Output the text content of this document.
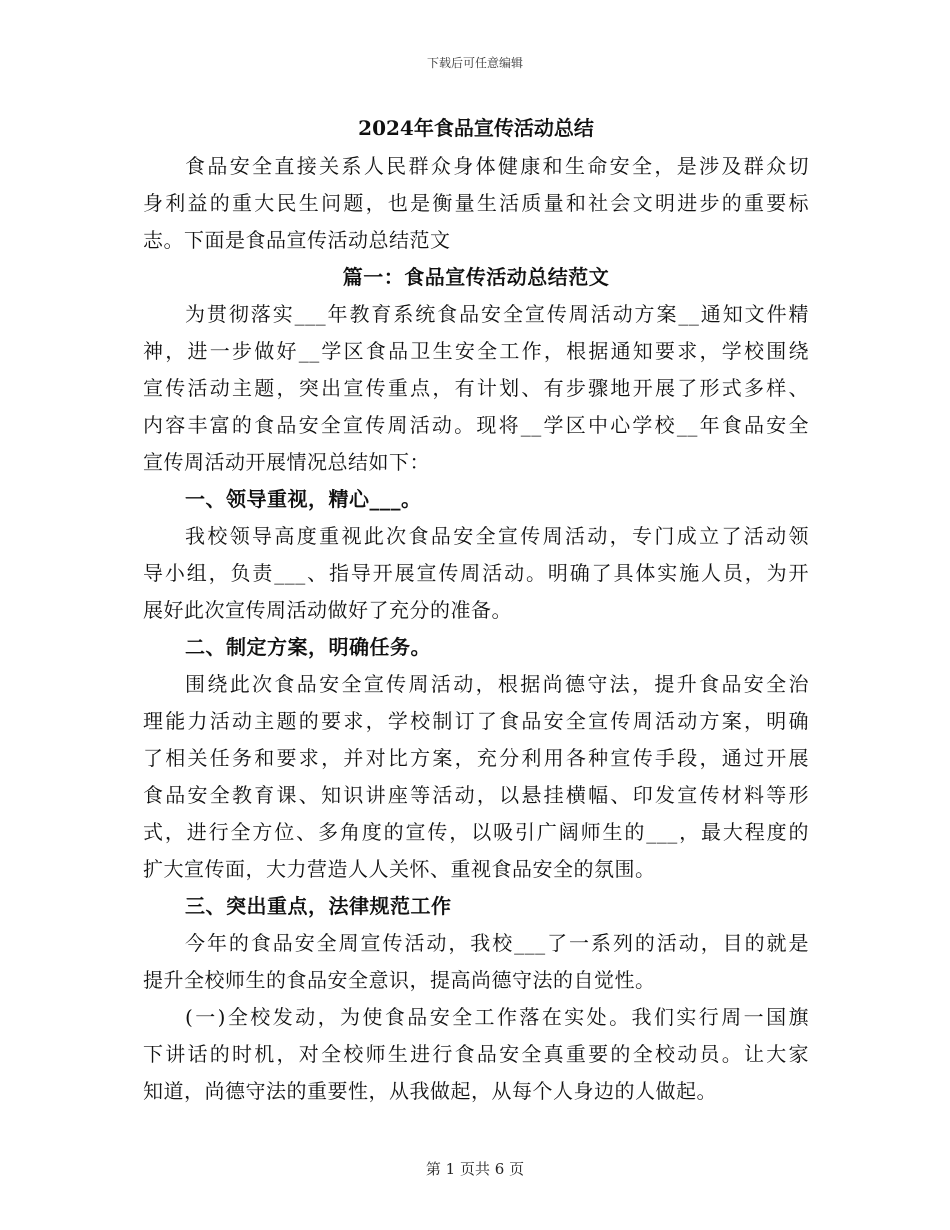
下载后可任意编辑
2024年食品宣传活动总结
食品安全直接关系人民群众身体健康和生命安全，是涉及群众切
身利益的重大民生问题，也是衡量生活质量和社会文明进步的重要标
志。下面是食品宣传活动总结范文
篇一：食品宣传活动总结范文
为贯彻落实___年教育系统食品安全宣传周活动方案__通知文件精
神，进一步做好__学区食品卫生安全工作，根据通知要求，学校围绕
宣传活动主题，突出宣传重点，有计划、有步骤地开展了形式多样、
内容丰富的食品安全宣传周活动。现将__学区中心学校__年食品安全
宣传周活动开展情况总结如下：
一、领导重视，精心___。
我校领导高度重视此次食品安全宣传周活动，专门成立了活动领
导小组，负责___、指导开展宣传周活动。明确了具体实施人员，为开
展好此次宣传周活动做好了充分的准备。
二、制定方案，明确任务。
围绕此次食品安全宣传周活动，根据尚德守法，提升食品安全治
理能力活动主题的要求，学校制订了食品安全宣传周活动方案，明确
了相关任务和要求，并对比方案，充分利用各种宣传手段，通过开展
食品安全教育课、知识讲座等活动，以悬挂横幅、印发宣传材料等形
式，进行全方位、多角度的宣传，以吸引广阔师生的___，最大程度的
扩大宣传面，大力营造人人关怀、重视食品安全的氛围。
三、突出重点，法律规范工作
今年的食品安全周宣传活动，我校___了一系列的活动，目的就是
提升全校师生的食品安全意识，提高尚德守法的自觉性。
(一)全校发动，为使食品安全工作落在实处。我们实行周一国旗
下讲话的时机，对全校师生进行食品安全真重要的全校动员。让大家
知道，尚德守法的重要性，从我做起，从每个人身边的人做起。
第 1 页共 6 页
